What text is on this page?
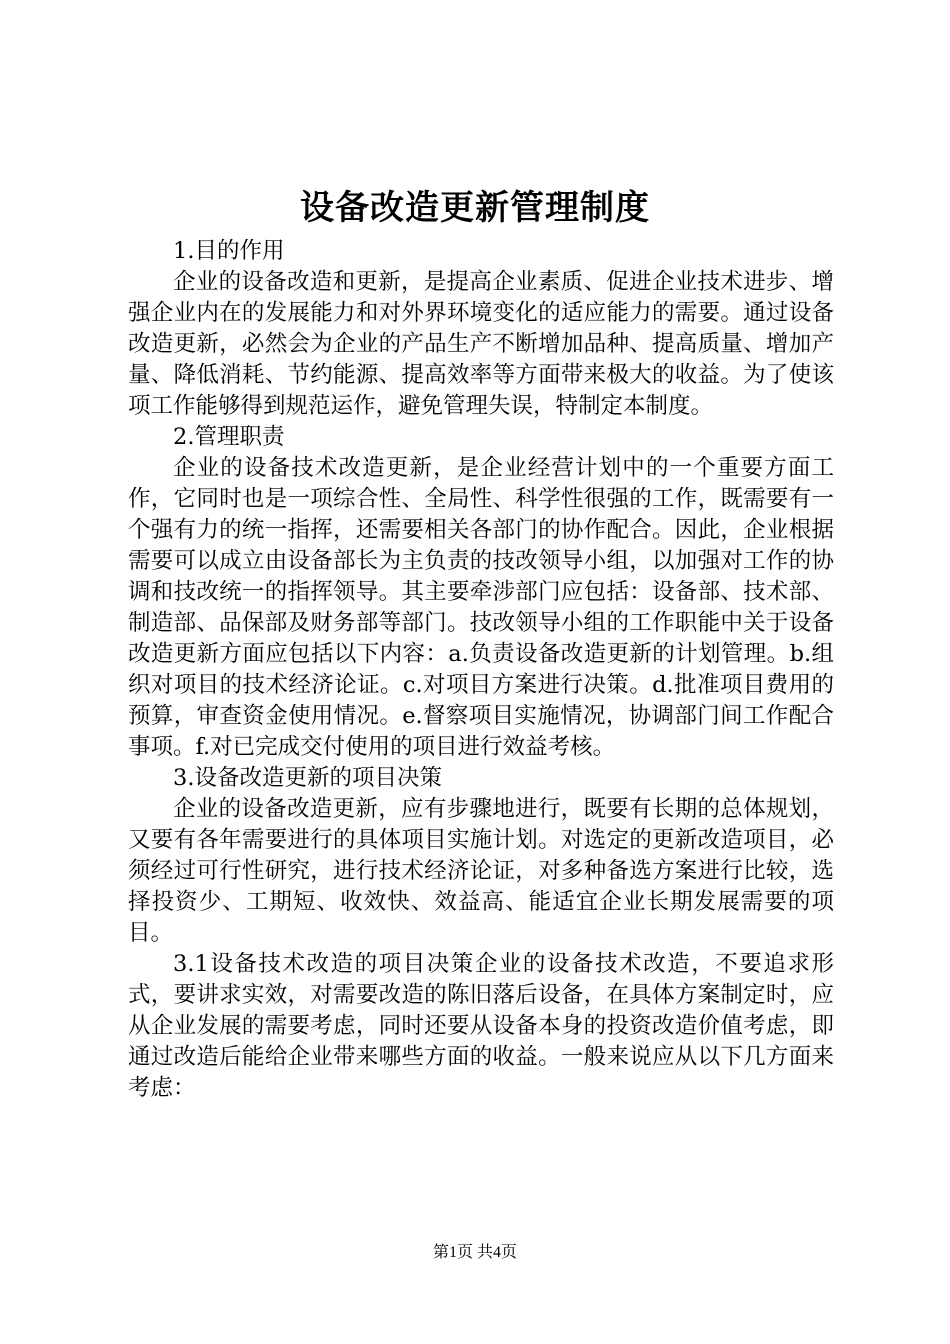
设备改造更新管理制度

1.目的作用

企业的设备改造和更新，是提高企业素质、促进企业技术进步、增强企业内在的发展能力和对外界环境变化的适应能力的需要。通过设备改造更新，必然会为企业的产品生产不断增加品种、提高质量、增加产量、降低消耗、节约能源、提高效率等方面带来极大的收益。为了使该项工作能够得到规范运作，避免管理失误，特制定本制度。

2.管理职责

企业的设备技术改造更新，是企业经营计划中的一个重要方面工作，它同时也是一项综合性、全局性、科学性很强的工作，既需要有一个强有力的统一指挥，还需要相关各部门的协作配合。因此，企业根据需要可以成立由设备部长为主负责的技改领导小组，以加强对工作的协调和技改统一的指挥领导。其主要牵涉部门应包括：设备部、技术部、制造部、品保部及财务部等部门。技改领导小组的工作职能中关于设备改造更新方面应包括以下内容：a.负责设备改造更新的计划管理。b.组织对项目的技术经济论证。c.对项目方案进行决策。d.批准项目费用的预算，审查资金使用情况。e.督察项目实施情况，协调部门间工作配合事项。f.对已完成交付使用的项目进行效益考核。

3.设备改造更新的项目决策

企业的设备改造更新，应有步骤地进行，既要有长期的总体规划，又要有各年需要进行的具体项目实施计划。对选定的更新改造项目，必须经过可行性研究，进行技术经济论证，对多种备选方案进行比较，选择投资少、工期短、收效快、效益高、能适宜企业长期发展需要的项目。

3.1设备技术改造的项目决策企业的设备技术改造，不要追求形式，要讲求实效，对需要改造的陈旧落后设备，在具体方案制定时，应从企业发展的需要考虑，同时还要从设备本身的投资改造价值考虑，即通过改造后能给企业带来哪些方面的收益。一般来说应从以下几方面来考虑：

第1页 共4页
